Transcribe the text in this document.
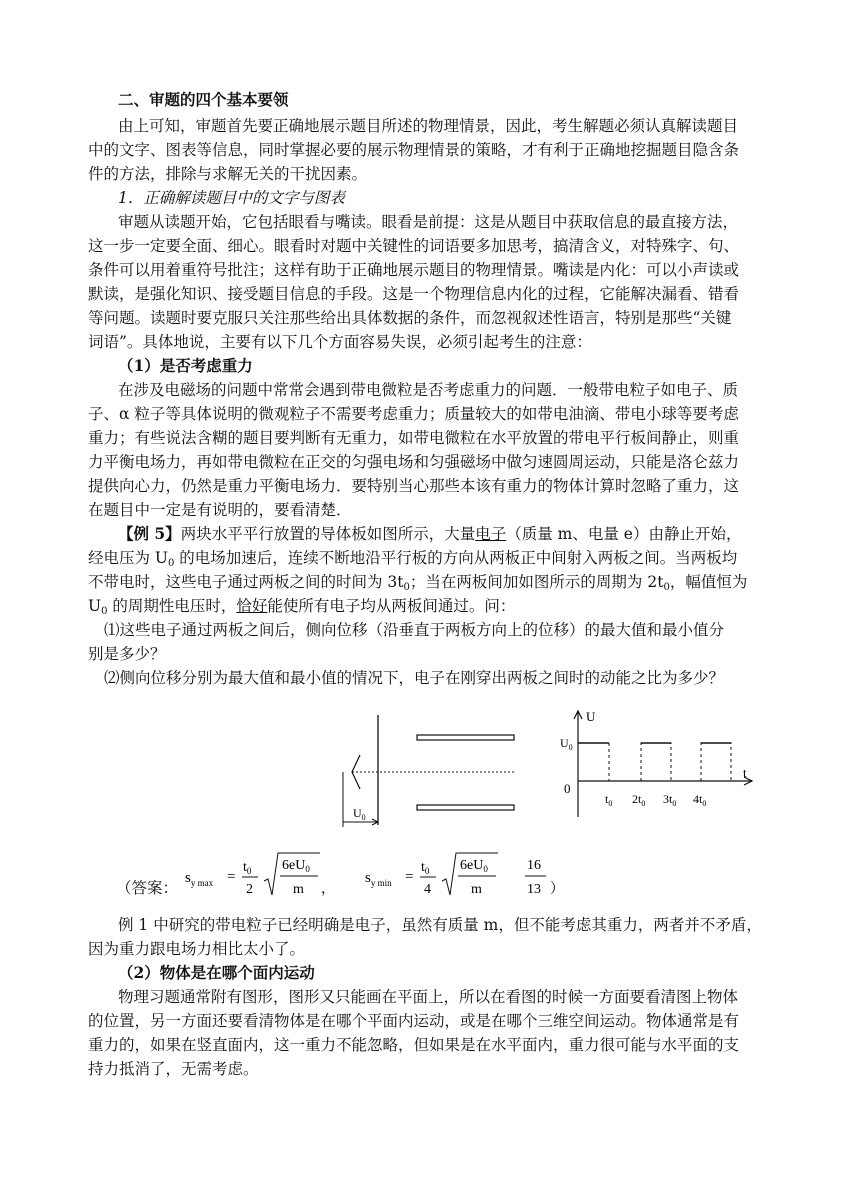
二、审题的四个基本要领
由上可知，审题首先要正确地展示题目所述的物理情景，因此，考生解题必须认真解读题目
中的文字、图表等信息，同时掌握必要的展示物理情景的策略，才有利于正确地挖掘题目隐含条
件的方法，排除与求解无关的干扰因素。
1．正确解读题目中的文字与图表
审题从读题开始，它包括眼看与嘴读。眼看是前提：这是从题目中获取信息的最直接方法，
这一步一定要全面、细心。眼看时对题中关键性的词语要多加思考，搞清含义，对特殊字、句、
条件可以用着重符号批注；这样有助于正确地展示题目的物理情景。嘴读是内化：可以小声读或
默读，是强化知识、接受题目信息的手段。这是一个物理信息内化的过程，它能解决漏看、错看
等问题。读题时要克服只关注那些给出具体数据的条件，而忽视叙述性语言，特别是那些“关键
词语”。具体地说，主要有以下几个方面容易失误，必须引起考生的注意：
（1）是否考虑重力
在涉及电磁场的问题中常常会遇到带电微粒是否考虑重力的问题．一般带电粒子如电子、质
子、α 粒子等具体说明的微观粒子不需要考虑重力；质量较大的如带电油滴、带电小球等要考虑
重力；有些说法含糊的题目要判断有无重力，如带电微粒在水平放置的带电平行板间静止，则重
力平衡电场力，再如带电微粒在正交的匀强电场和匀强磁场中做匀速圆周运动，只能是洛仑兹力
提供向心力，仍然是重力平衡电场力．要特别当心那些本该有重力的物体计算时忽略了重力，这
在题目中一定是有说明的，要看清楚．
【例 5】两块水平平行放置的导体板如图所示，大量电子（质量 m、电量 e）由静止开始，
经电压为 $U_0$ 的电场加速后，连续不断地沿平行板的方向从两板正中间射入两板之间。当两板均
不带电时，这些电子通过两板之间的时间为 $3t_0$；当在两板间加如图所示的周期为 $2t_0$，幅值恒为
$U_0$ 的周期性电压时，恰好能使所有电子均从两板间通过。问：
⑴这些电子通过两板之间后，侧向位移（沿垂直于两板方向上的位移）的最大值和最小值分
别是多少？
⑵侧向位移分别为最大值和最小值的情况下，电子在刚穿出两板之间时的动能之比为多少？
$U_0$
U
t
0
$U_0$
$t_0$ $2t_0$ $3t_0$ $4t_0$
（答案：
$s_{y max}$ =
$t_0$
2
$6eU_0$
m ，
$s_{y min}$ =
$t_0$
4
$6eU_0$
m
16
13 ）
例 1 中研究的带电粒子已经明确是电子，虽然有质量 m，但不能考虑其重力，两者并不矛盾，
因为重力跟电场力相比太小了。
（2）物体是在哪个面内运动
物理习题通常附有图形，图形又只能画在平面上，所以在看图的时候一方面要看清图上物体
的位置，另一方面还要看清物体是在哪个平面内运动，或是在哪个三维空间运动。物体通常是有
重力的，如果在竖直面内，这一重力不能忽略，但如果是在水平面内，重力很可能与水平面的支
持力抵消了，无需考虑。
